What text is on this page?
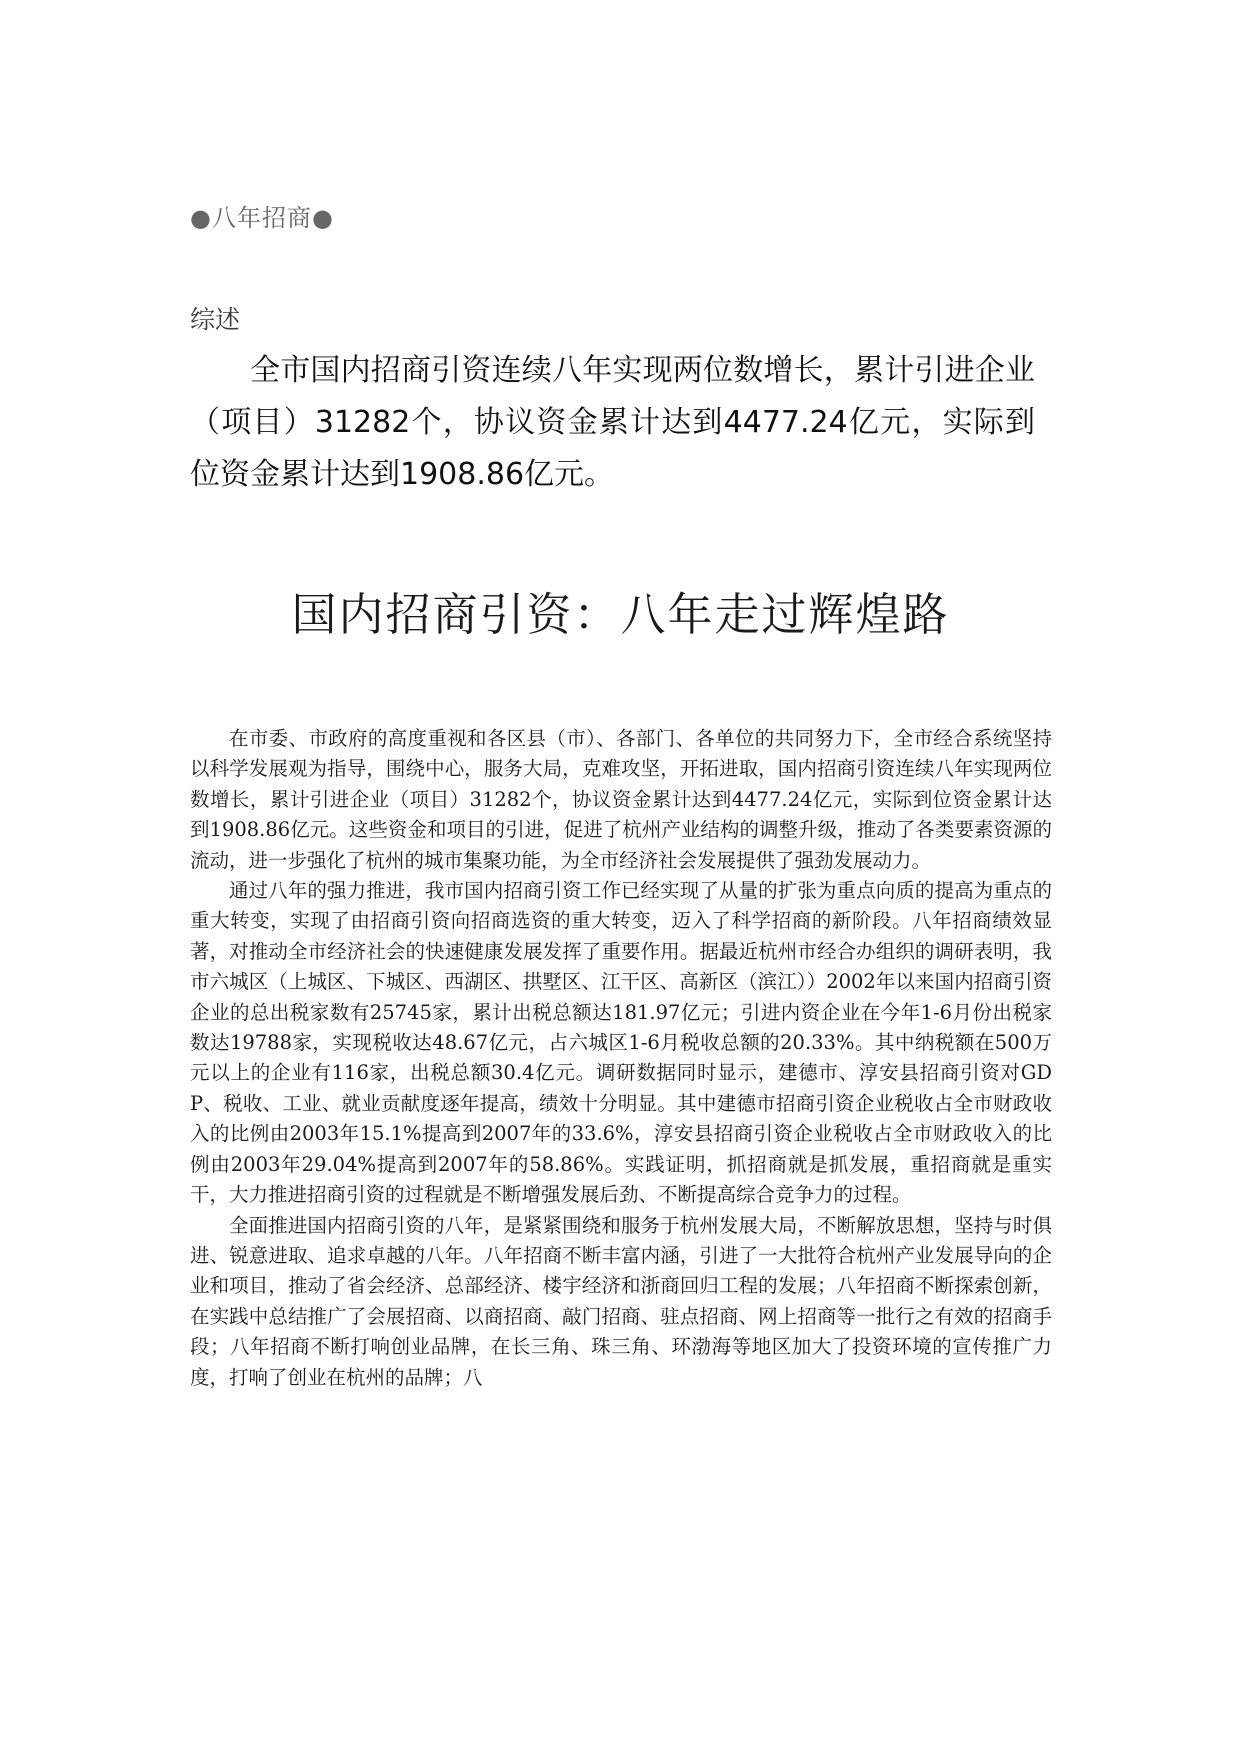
●八年招商●
综述
全市国内招商引资连续八年实现两位数增长，累计引进企业（项目）31282个，协议资金累计达到4477.24亿元，实际到位资金累计达到1908.86亿元。
国内招商引资：八年走过辉煌路

在市委、市政府的高度重视和各区县（市）、各部门、各单位的共同努力下，全市经合系统坚持以科学发展观为指导，围绕中心，服务大局，克难攻坚，开拓进取，国内招商引资连续八年实现两位数增长，累计引进企业（项目）31282个，协议资金累计达到4477.24亿元，实际到位资金累计达到1908.86亿元。这些资金和项目的引进，促进了杭州产业结构的调整升级，推动了各类要素资源的流动，进一步强化了杭州的城市集聚功能，为全市经济社会发展提供了强劲发展动力。

通过八年的强力推进，我市国内招商引资工作已经实现了从量的扩张为重点向质的提高为重点的重大转变，实现了由招商引资向招商选资的重大转变，迈入了科学招商的新阶段。八年招商绩效显著，对推动全市经济社会的快速健康发展发挥了重要作用。据最近杭州市经合办组织的调研表明，我市六城区（上城区、下城区、西湖区、拱墅区、江干区、高新区（滨江））2002年以来国内招商引资企业的总出税家数有25745家，累计出税总额达181.97亿元；引进内资企业在今年1-6月份出税家数达19788家，实现税收达48.67亿元，占六城区1-6月税收总额的20.33%。其中纳税额在500万元以上的企业有116家，出税总额30.4亿元。调研数据同时显示，建德市、淳安县招商引资对GDP、税收、工业、就业贡献度逐年提高，绩效十分明显。其中建德市招商引资企业税收占全市财政收入的比例由2003年15.1%提高到2007年的33.6%，淳安县招商引资企业税收占全市财政收入的比例由2003年29.04%提高到2007年的58.86%。实践证明，抓招商就是抓发展，重招商就是重实干，大力推进招商引资的过程就是不断增强发展后劲、不断提高综合竞争力的过程。

全面推进国内招商引资的八年，是紧紧围绕和服务于杭州发展大局，不断解放思想，坚持与时俱进、锐意进取、追求卓越的八年。八年招商不断丰富内涵，引进了一大批符合杭州产业发展导向的企业和项目，推动了省会经济、总部经济、楼宇经济和浙商回归工程的发展；八年招商不断探索创新，在实践中总结推广了会展招商、以商招商、敲门招商、驻点招商、网上招商等一批行之有效的招商手段；八年招商不断打响创业品牌，在长三角、珠三角、环渤海等地区加大了投资环境的宣传推广力度，打响了创业在杭州的品牌；八
